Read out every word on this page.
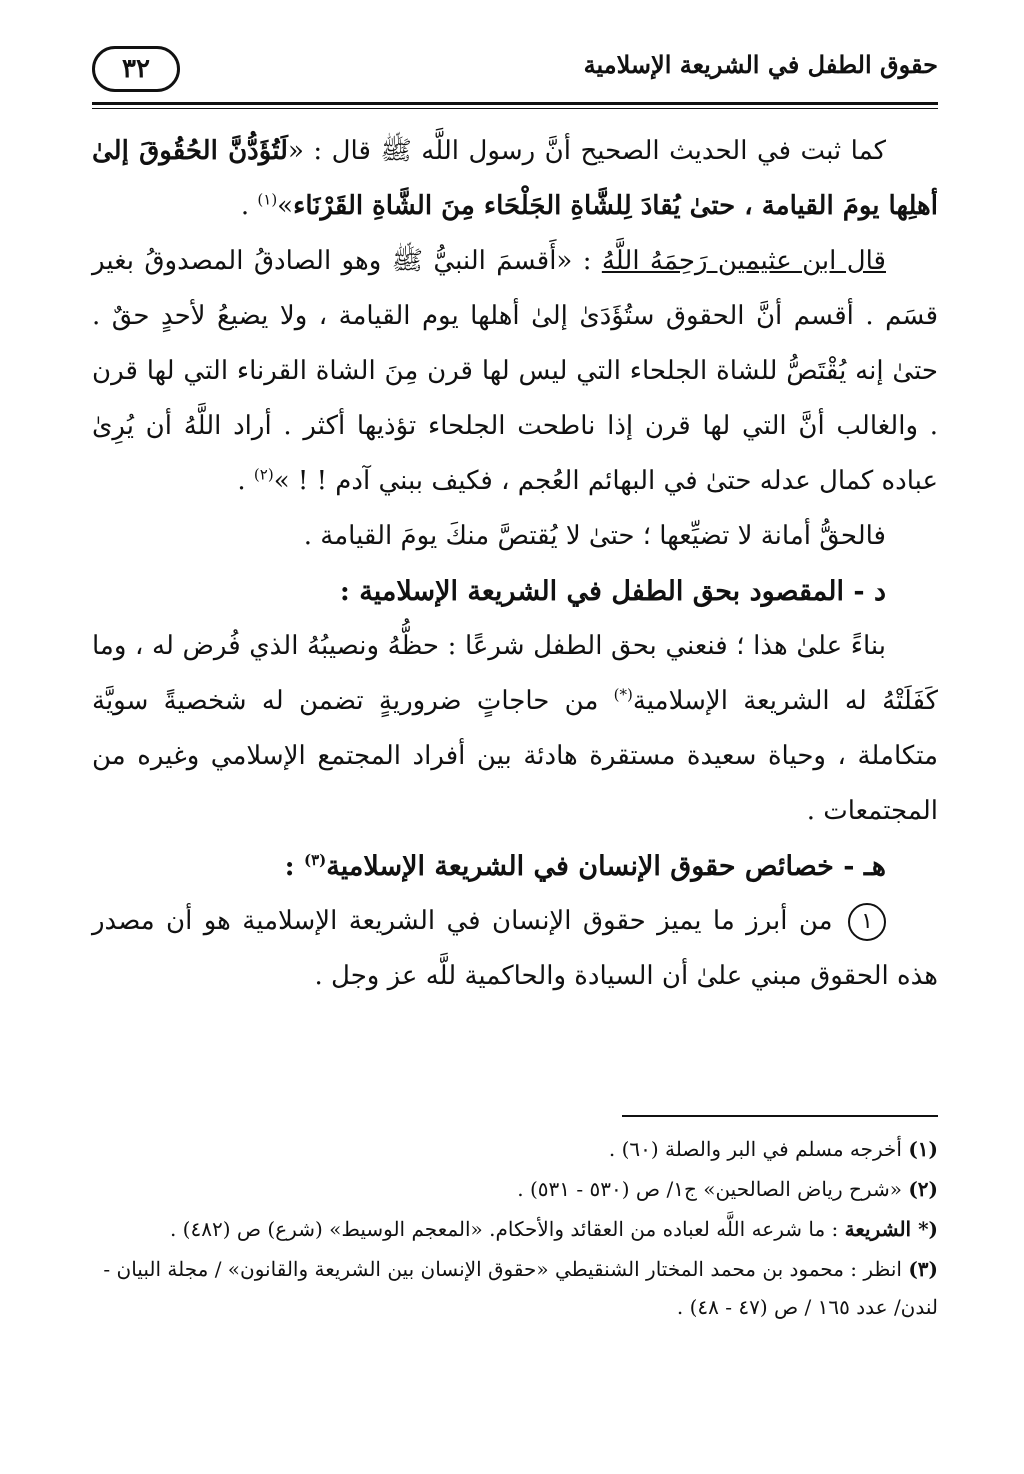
٣٢	حقوق الطفل في الشريعة الإسلامية

كما ثبت في الحديث الصحيح أنَّ رسول اللَّه ﷺ قال : «لَتُؤَدُّنَّ الحُقُوقَ إلىٰ أهلِها يومَ القيامة ، حتىٰ يُقادَ لِلشَّاةِ الجَلْحَاء مِنَ الشَّاةِ القَرْنَاء»$^{(١)}$ .

قال ابن عثيمين رَحِمَهُ اللَّهُ : «أَقسمَ النبيُّ ﷺ وهو الصادقُ المصدوقُ بغير قسَم . أقسم أنَّ الحقوق ستُؤَدَىٰ إلىٰ أهلها يوم القيامة ، ولا يضيعُ لأحدٍ حقٌ . حتىٰ إنه يُقْتَصُّ للشاة الجلحاء التي ليس لها قرن مِنَ الشاة القرناء التي لها قرن . والغالب أنَّ التي لها قرن إذا ناطحت الجلحاء تؤذيها أكثر . أراد اللَّهُ أن يُرِىٰ عباده كمال عدله حتىٰ في البهائم العُجم ، فكيف ببني آدم ! ! »$^{(٢)}$ .

فالحقُّ أمانة لا تضيِّعها ؛ حتىٰ لا يُقتصَّ منكَ يومَ القيامة .

د - المقصود بحق الطفل في الشريعة الإسلامية :

بناءً علىٰ هذا ؛ فنعني بحق الطفل شرعًا : حظُّهُ ونصيبُهُ الذي فُرض له ، وما كَفَلَتْهُ له الشريعة الإسلامية(*) من حاجاتٍ ضروريةٍ تضمن له شخصيةً سويَّة متكاملة ، وحياة سعيدة مستقرة هادئة بين أفراد المجتمع الإسلامي وغيره من المجتمعات .

هـ - خصائص حقوق الإنسان في الشريعة الإسلامية$^{(٣)}$ :

١ من أبرز ما يميز حقوق الإنسان في الشريعة الإسلامية هو أن مصدر هذه الحقوق مبني علىٰ أن السيادة والحاكمية للَّه عز وجل .

(١) أخرجه مسلم في البر والصلة (٦٠) .

(٢) «شرح رياض الصالحين» ج١/ ص (٥٣٠ - ٥٣١) .

(* الشريعة : ما شرعه اللَّه لعباده من العقائد والأحكام. «المعجم الوسيط» (شرع) ص (٤٨٢) .

(٣) انظر : محمود بن محمد المختار الشنقيطي «حقوق الإنسان بين الشريعة والقانون» / مجلة البيان - لندن/ عدد ١٦٥ / ص (٤٧ - ٤٨) .
